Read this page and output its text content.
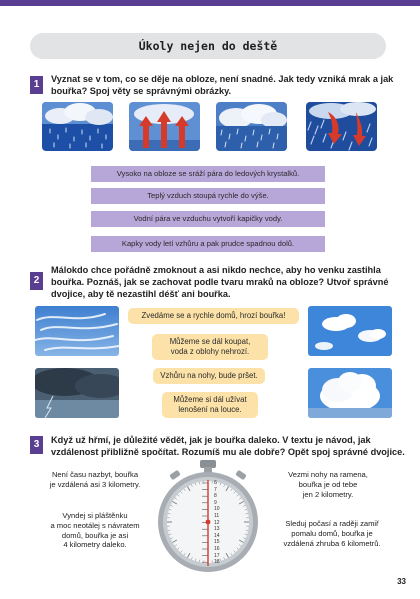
Úkoly nejen do deště
1	Vyznat se v tom, co se děje na obloze, není snadné. Jak tedy vzniká mrak a jak
bouřka? Spoj věty se správnými obrázky.
Vysoko na obloze se sráží pára do ledových krystalků.
Teplý vzduch stoupá rychle do výše.
Vodní pára ve vzduchu vytvoří kapičky vody.
Kapky vody letí vzhůru a pak prudce spadnou dolů.
2
Málokdo chce pořádně zmoknout a asi nikdo nechce, aby ho venku zastihla
bouřka. Poznáš, jak se zachovat podle tvaru mraků na obloze? Utvoř správné
dvojice, aby tě nezastihl déšť ani bouřka.
Zvedáme se a rychle domů, hrozí bouřka!
Můžeme se dál koupat,
voda z oblohy nehrozí.
Vzhůru na nohy, bude pršet.
Můžeme si dál užívat
lenošení na louce.
3	Když už hřmí, je důležité vědět, jak je bouřka daleko. V textu je návod, jak
vzdálenost přibližně spočítat. Rozumíš mu ale dobře? Opět spoj správné dvojice.
6
7
8
9
10
11
12
13
14
15
16
17
18
Není času nazbyt, bouřka
je vzdálená asi 3 kilometry.
Vyndej si pláštěnku
a moc neotálej s návratem
domů, bouřka je asi
4 kilometry daleko.
Vezmi nohy na ramena,
bouřka je od tebe
jen 2 kilometry.
Sleduj počasí a raději zamiř
pomalu domů, bouřka je
vzdálená zhruba 6 kilometrů.
33
